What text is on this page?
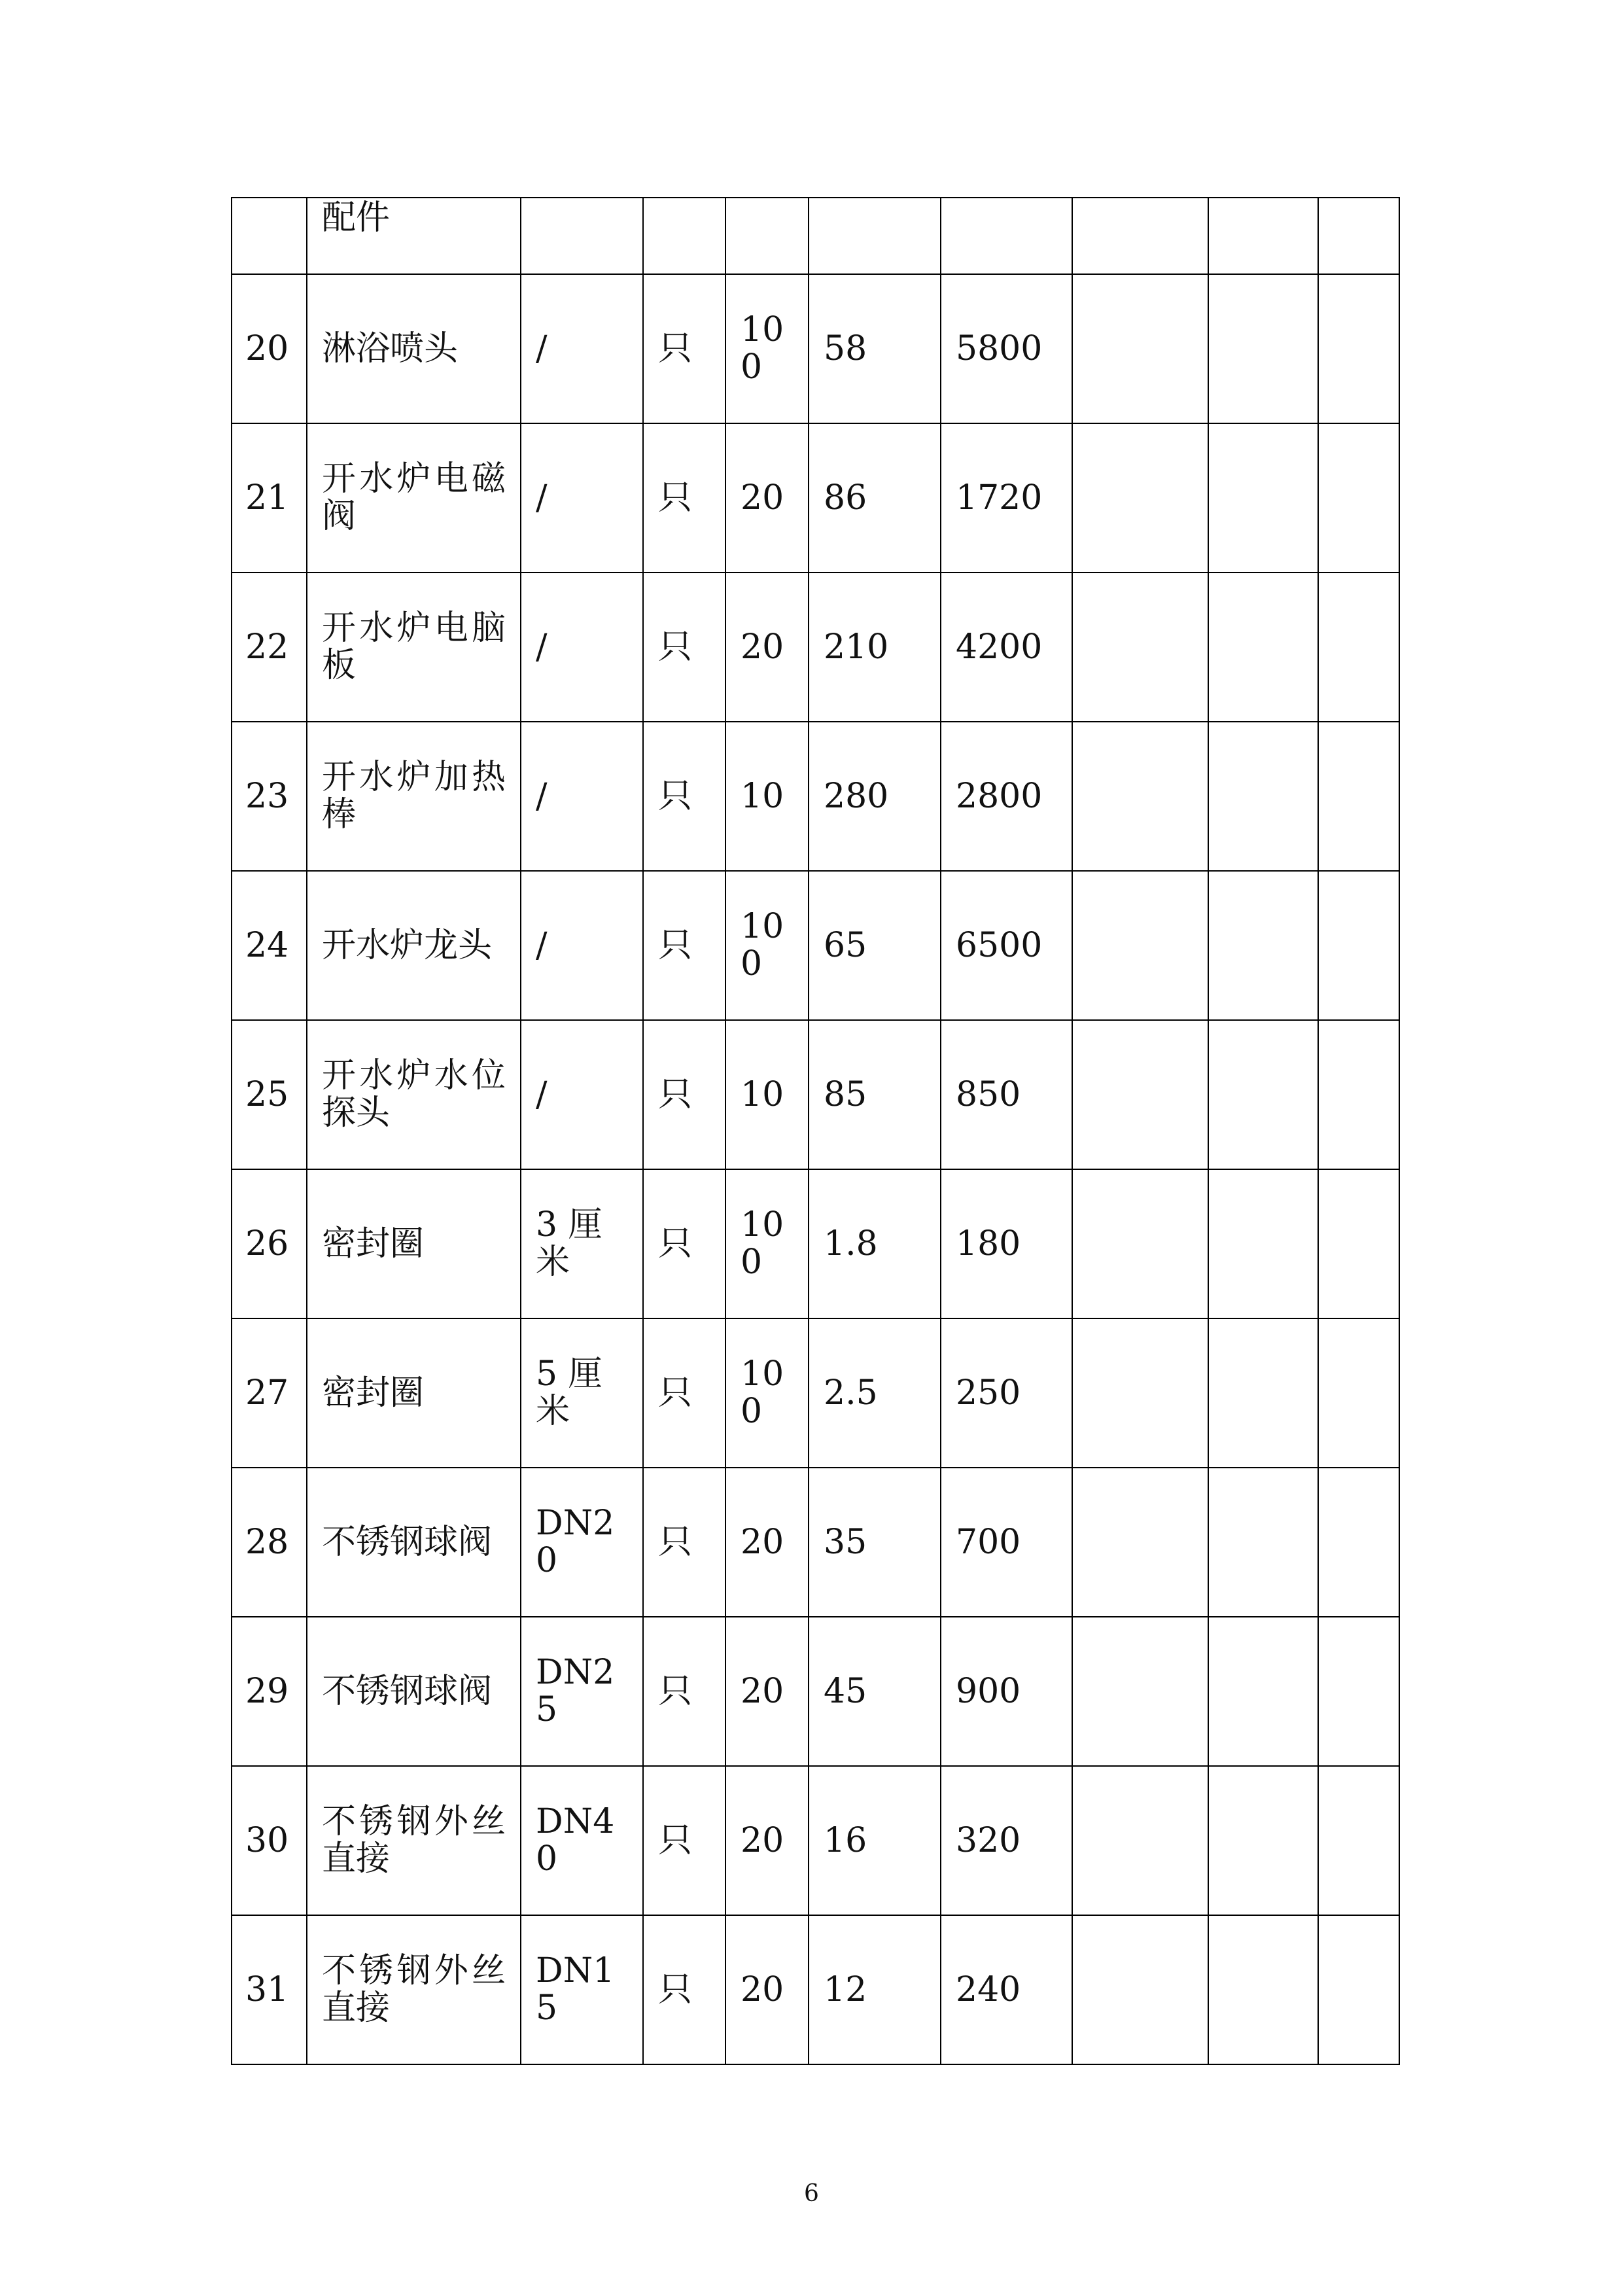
	配件								
20	淋浴喷头	/	只	100	58	5800			
21	开水炉电磁阀	/	只	20	86	1720			
22	开水炉电脑板	/	只	20	210	4200			
23	开水炉加热棒	/	只	10	280	2800			
24	开水炉龙头	/	只	100	65	6500			
25	开水炉水位探头	/	只	10	85	850			
26	密封圈	3 厘米	只	100	1.8	180			
27	密封圈	5 厘米	只	100	2.5	250			
28	不锈钢球阀	DN20	只	20	35	700			
29	不锈钢球阀	DN25	只	20	45	900			
30	不锈钢外丝直接	DN40	只	20	16	320			
31	不锈钢外丝直接	DN15	只	20	12	240			
6
